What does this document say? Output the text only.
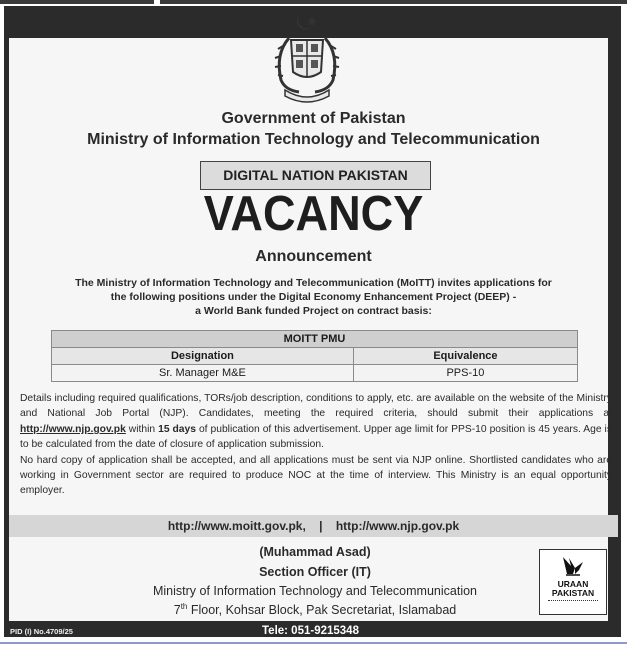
Government of Pakistan
Ministry of Information Technology and Telecommunication
DIGITAL NATION PAKISTAN
VACANCY
Announcement
The Ministry of Information Technology and Telecommunication (MoITT) invites applications for
the following positions under the Digital Economy Enhancement Project (DEEP) -
a World Bank funded Project on contract basis:
MOITT PMU	
Designation	Equivalence
Sr. Manager M&E	PPS-10

Details including required qualifications, TORs/job description, conditions to apply, etc. are available on the website of the Ministry and National Job Portal (NJP). Candidates, meeting the required criteria, should submit their applications at http://www.njp.gov.pk within 15 days of publication of this advertisement. Upper age limit for PPS-10 position is 45 years. Age is to be calculated from the date of closure of application submission.

No hard copy of application shall be accepted, and all applications must be sent via NJP online. Shortlisted candidates who are working in Government sector are required to produce NOC at the time of interview. This Ministry is an equal opportunity employer.

http://www.moitt.gov.pk, | http://www.njp.gov.pk
(Muhammad Asad)
Section Officer (IT)
Ministry of Information Technology and Telecommunication
7th Floor, Kohsar Block, Pak Secretariat, Islamabad
URAAN
PAKISTAN
PID (I) No.4709/25	Tele: 051-9215348
